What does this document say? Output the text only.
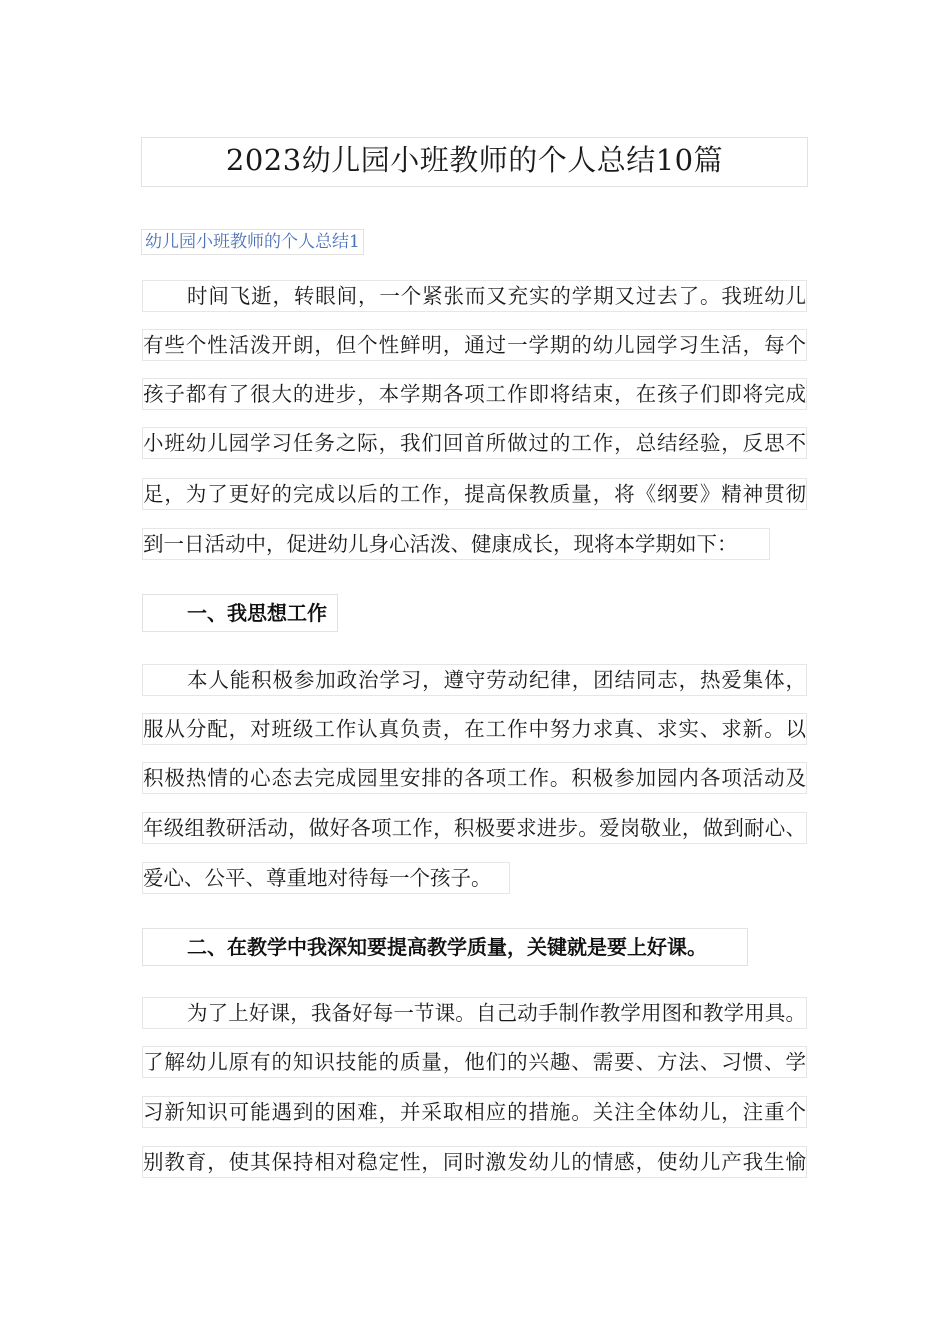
2023幼儿园小班教师的个人总结10篇
幼儿园小班教师的个人总结1
时间飞逝，转眼间，一个紧张而又充实的学期又过去了。我班幼儿
有些个性活泼开朗，但个性鲜明，通过一学期的幼儿园学习生活，每个
孩子都有了很大的进步，本学期各项工作即将结束，在孩子们即将完成
小班幼儿园学习任务之际，我们回首所做过的工作，总结经验，反思不
足，为了更好的完成以后的工作，提高保教质量，将《纲要》精神贯彻
到一日活动中，促进幼儿身心活泼、健康成长，现将本学期如下：
一、我思想工作
本人能积极参加政治学习，遵守劳动纪律，团结同志，热爱集体，
服从分配，对班级工作认真负责，在工作中努力求真、求实、求新。以
积极热情的心态去完成园里安排的各项工作。积极参加园内各项活动及
年级组教研活动，做好各项工作，积极要求进步。爱岗敬业，做到耐心、
爱心、公平、尊重地对待每一个孩子。
二、在教学中我深知要提高教学质量，关键就是要上好课。
为了上好课，我备好每一节课。自己动手制作教学用图和教学用具。
了解幼儿原有的知识技能的质量，他们的兴趣、需要、方法、习惯、学
习新知识可能遇到的困难，并采取相应的措施。关注全体幼儿，注重个
别教育，使其保持相对稳定性，同时激发幼儿的情感，使幼儿产我生愉
